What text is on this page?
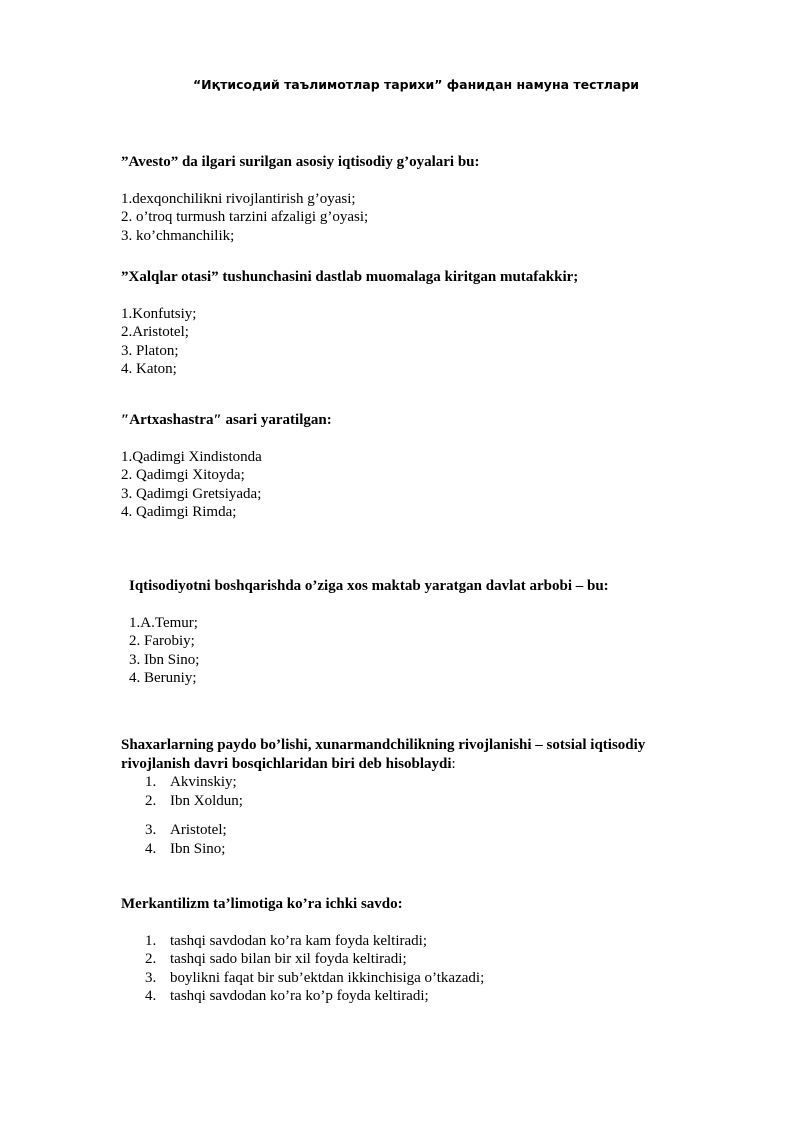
“Иқтисодий таълимотлар тарихи” фанидан намуна тестлари

”Avesto” da ilgari surilgan asosiy iqtisodiy g’oyalari bu:

1.dexqonchilikni rivojlantirish g’oyasi;
2. o’troq turmush tarzini afzaligi g’oyasi;
3. ko’chmanchilik;

”Xalqlar otasi” tushunchasini dastlab muomalaga kiritgan mutafakkir;

1.Konfutsiy;
2.Aristotel;
3. Platon;
4. Katon;

″Artxashastra″ asari yaratilgan:

1.Qadimgi Xindistonda
2. Qadimgi Xitoyda;
3. Qadimgi Gretsiyada;
4. Qadimgi Rimda;

Iqtisodiyotni boshqarishda o’ziga xos maktab yaratgan davlat arbobi – bu:

1.A.Temur;
2. Farobiy;
3. Ibn Sino;
4. Beruniy;

Shaxarlarning paydo bo’lishi, xunarmandchilikning rivojlanishi – sotsial iqtisodiy
rivojlanish davri bosqichlaridan biri deb hisoblaydi:

1. Akvinskiy;
2. Ibn Xoldun;
3. Aristotel;
4. Ibn Sino;

Merkantilizm ta’limotiga ko’ra ichki savdo:

1. tashqi savdodan ko’ra kam foyda keltiradi;
2. tashqi sado bilan bir xil foyda keltiradi;
3. boylikni faqat bir sub’ektdan ikkinchisiga o’tkazadi;
4. tashqi savdodan ko’ra ko’p foyda keltiradi;
